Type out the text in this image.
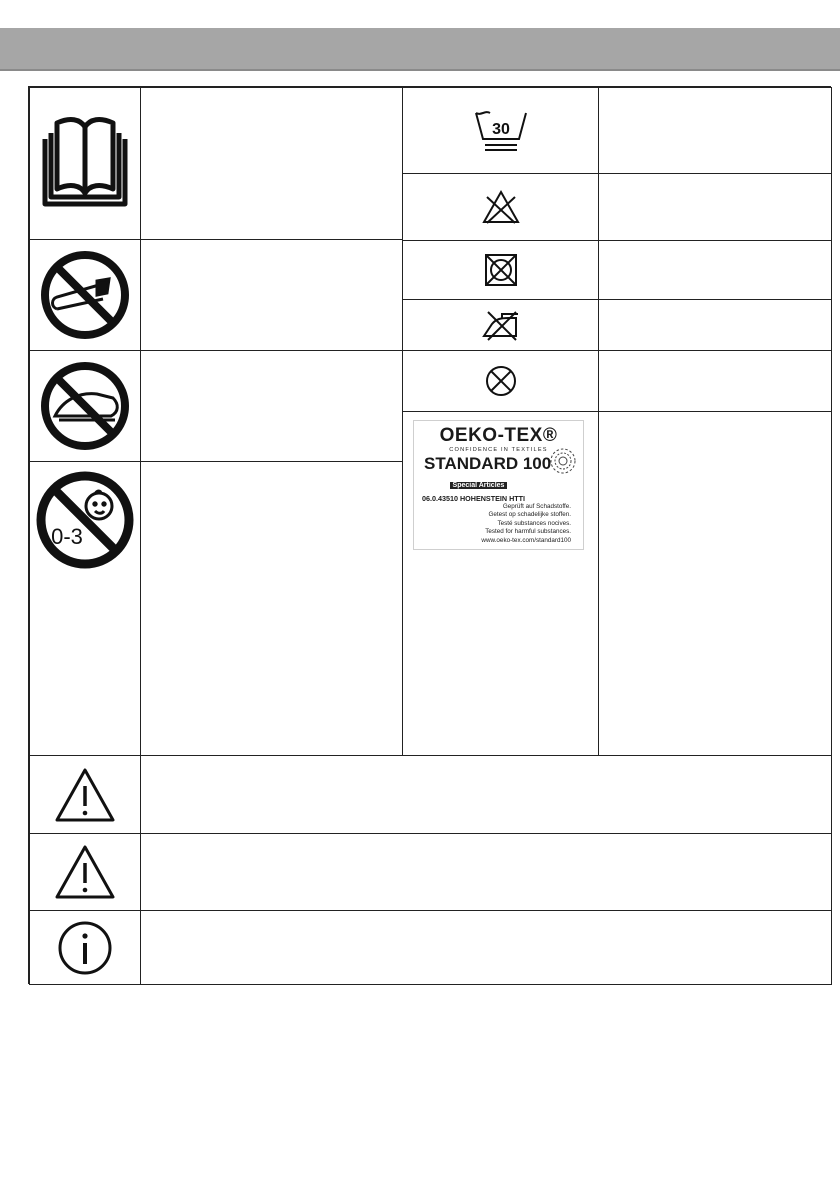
30
OEKO-TEX®
CONFIDENCE IN TEXTILES
STANDARD 100
Special Articles
06.0.43510 HOHENSTEIN HTTI
Geprüft auf Schadstoffe.
Getest op schadelijke stoffen.
Testé substances nocives.
Tested for harmful substances.
www.oeko-tex.com/standard100
0-3
